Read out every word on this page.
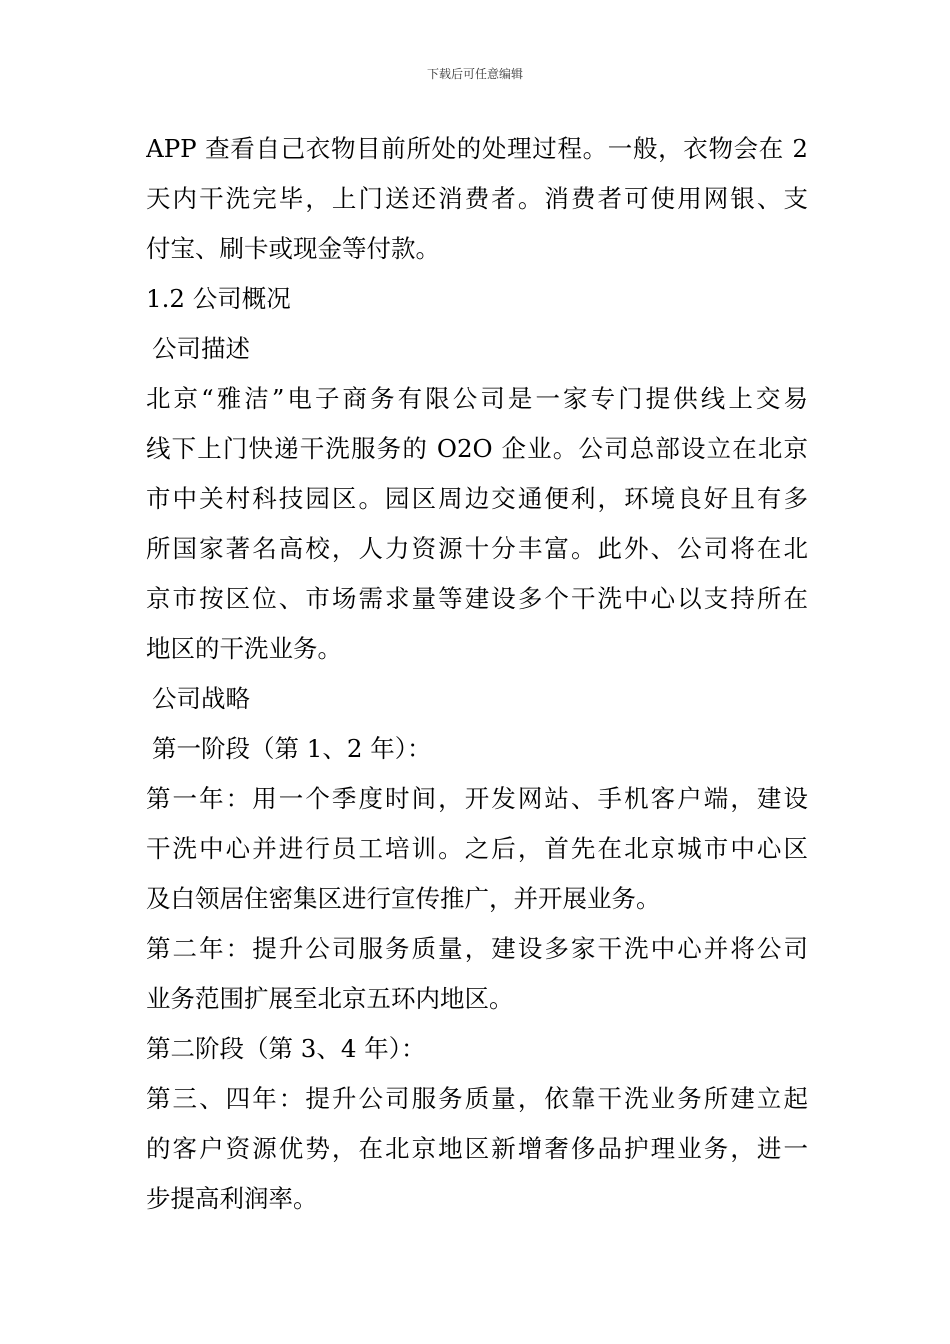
下载后可任意编辑
APP 查看自己衣物目前所处的处理过程。一般，衣物会在 2
天内干洗完毕，上门送还消费者。消费者可使用网银、支
付宝、刷卡或现金等付款。
1.2 公司概况
公司描述
北京“雅洁”电子商务有限公司是一家专门提供线上交易
线下上门快递干洗服务的 O2O 企业。公司总部设立在北京
市中关村科技园区。园区周边交通便利，环境良好且有多
所国家著名高校，人力资源十分丰富。此外、公司将在北
京市按区位、市场需求量等建设多个干洗中心以支持所在
地区的干洗业务。
公司战略
第一阶段（第 1、2 年）：
第一年：用一个季度时间，开发网站、手机客户端，建设
干洗中心并进行员工培训。之后，首先在北京城市中心区
及白领居住密集区进行宣传推广，并开展业务。
第二年：提升公司服务质量，建设多家干洗中心并将公司
业务范围扩展至北京五环内地区。
第二阶段（第 3、4 年）：
第三、四年：提升公司服务质量，依靠干洗业务所建立起
的客户资源优势，在北京地区新增奢侈品护理业务，进一
步提高利润率。
